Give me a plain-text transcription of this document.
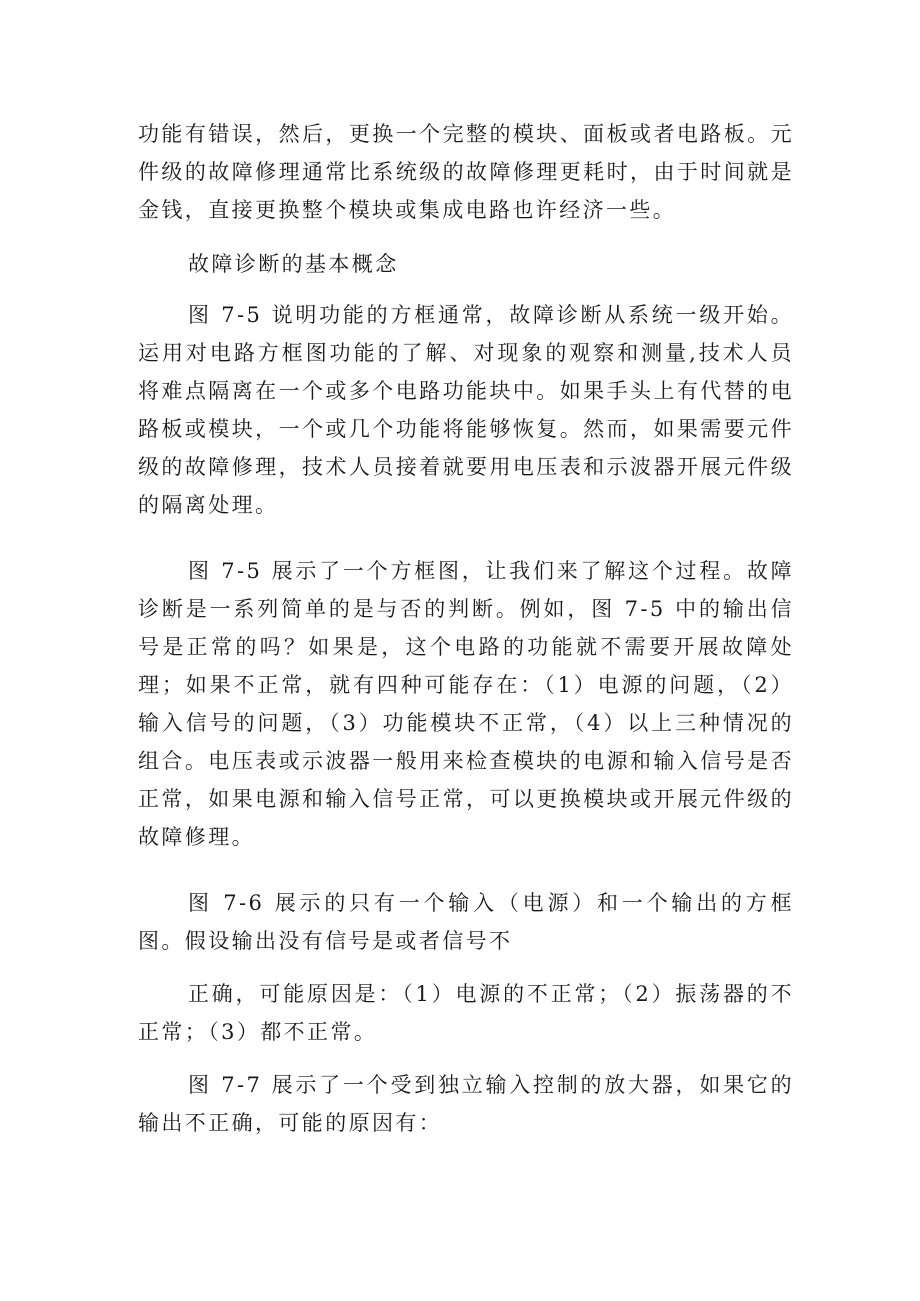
功能有错误，然后，更换一个完整的模块、面板或者电路板。元件级的故障修理通常比系统级的故障修理更耗时，由于时间就是金钱，直接更换整个模块或集成电路也许经济一些。

故障诊断的基本概念

图 7-5 说明功能的方框通常，故障诊断从系统一级开始。运用对电路方框图功能的了解、对现象的观察和测量,技术人员将难点隔离在一个或多个电路功能块中。如果手头上有代替的电路板或模块，一个或几个功能将能够恢复。然而，如果需要元件级的故障修理，技术人员接着就要用电压表和示波器开展元件级的隔离处理。

图 7-5 展示了一个方框图，让我们来了解这个过程。故障诊断是一系列简单的是与否的判断。例如，图 7-5 中的输出信号是正常的吗？如果是，这个电路的功能就不需要开展故障处理；如果不正常，就有四种可能存在：（1）电源的问题，（2）输入信号的问题，（3）功能模块不正常，（4）以上三种情况的组合。电压表或示波器一般用来检查模块的电源和输入信号是否正常，如果电源和输入信号正常，可以更换模块或开展元件级的故障修理。

图 7-6 展示的只有一个输入（电源）和一个输出的方框图。假设输出没有信号是或者信号不

正确，可能原因是：（1）电源的不正常；（2）振荡器的不正常；（3）都不正常。

图 7-7 展示了一个受到独立输入控制的放大器，如果它的输出不正确，可能的原因有：
